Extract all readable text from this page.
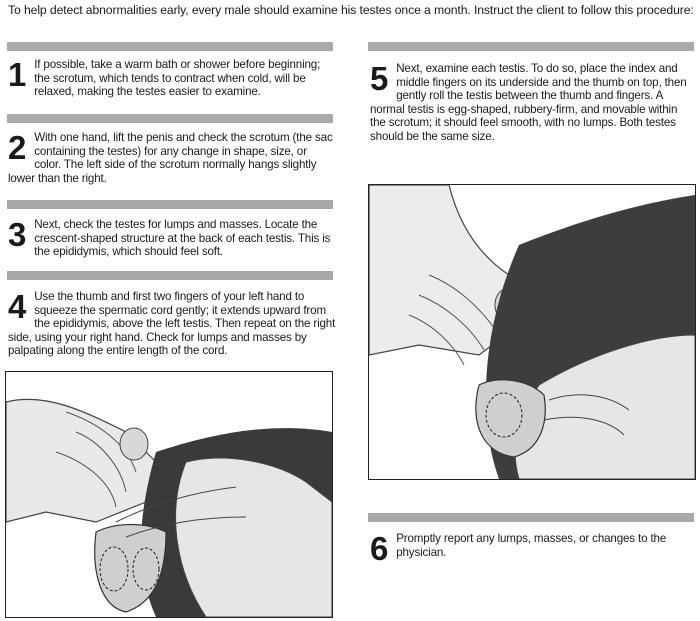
To help detect abnormalities early, every male should examine his testes once a month. Instruct the client to follow this procedure:
1 If possible, take a warm bath or shower before beginning; the scrotum, which tends to contract when cold, will be relaxed, making the testes easier to examine.
2 With one hand, lift the penis and check the scrotum (the sac containing the testes) for any change in shape, size, or color. The left side of the scrotum normally hangs slightly lower than the right.
3 Next, check the testes for lumps and masses. Locate the crescent-shaped structure at the back of each testis. This is the epididymis, which should feel soft.
4 Use the thumb and first two fingers of your left hand to squeeze the spermatic cord gently; it extends upward from the epididymis, above the left testis. Then repeat on the right side, using your right hand. Check for lumps and masses by palpating along the entire length of the cord.
5 Next, examine each testis. To do so, place the index and middle fingers on its underside and the thumb on top, then gently roll the testis between the thumb and fingers. A normal testis is egg-shaped, rubbery-firm, and movable within the scrotum; it should feel smooth, with no lumps. Both testes should be the same size.
6 Promptly report any lumps, masses, or changes to the physician.
